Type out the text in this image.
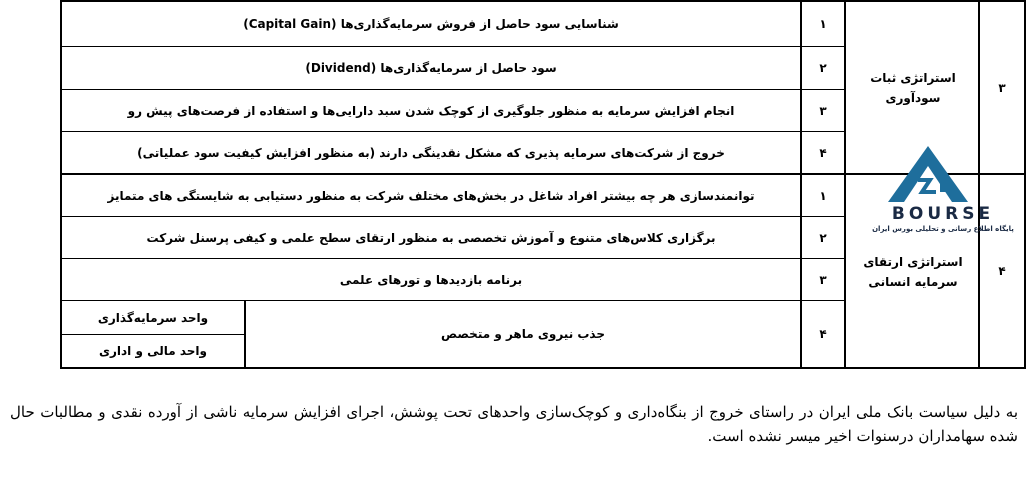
۳
استراتژی ثبات سودآوری
۱
شناسایی سود حاصل از فروش سرمایه‌گذاری‌ها (Capital Gain)
۲
سود حاصل از سرمایه‌گذاری‌ها (Dividend)
۳
انجام افزایش سرمایه به منظور جلوگیری از کوچک شدن سبد دارایی‌ها و استفاده از فرصت‌های پیش رو
۴
خروج از شرکت‌های سرمایه پذیری که مشکل نقدینگی دارند (به منظور افزایش کیفیت سود عملیاتی)
۴
استراتژی ارتقای سرمایه انسانی
۱
توانمندسازی هر چه بیشتر افراد شاغل در بخش‌های مختلف شرکت به منظور دستیابی به شایستگی های متمایز
۲
برگزاری کلاس‌های متنوع و آموزش تخصصی به منظور ارتقای سطح علمی و کیفی پرسنل شرکت
۳
برنامه بازدیدها و تورهای علمی
۴
جذب نیروی ماهر و متخصص
واحد سرمایه‌گذاری
واحد مالی و اداری
BOURSE
پایگاه اطلاع رسانی و تحلیلی بورس ایران
به دلیل سیاست بانک ملی ایران در راستای خروج از بنگاه‌داری و کوچک‌سازی واحدهای تحت پوشش، اجرای افزایش سرمایه ناشی از آورده نقدی و مطالبات حال شده سهامداران درسنوات اخیر میسر نشده است.
